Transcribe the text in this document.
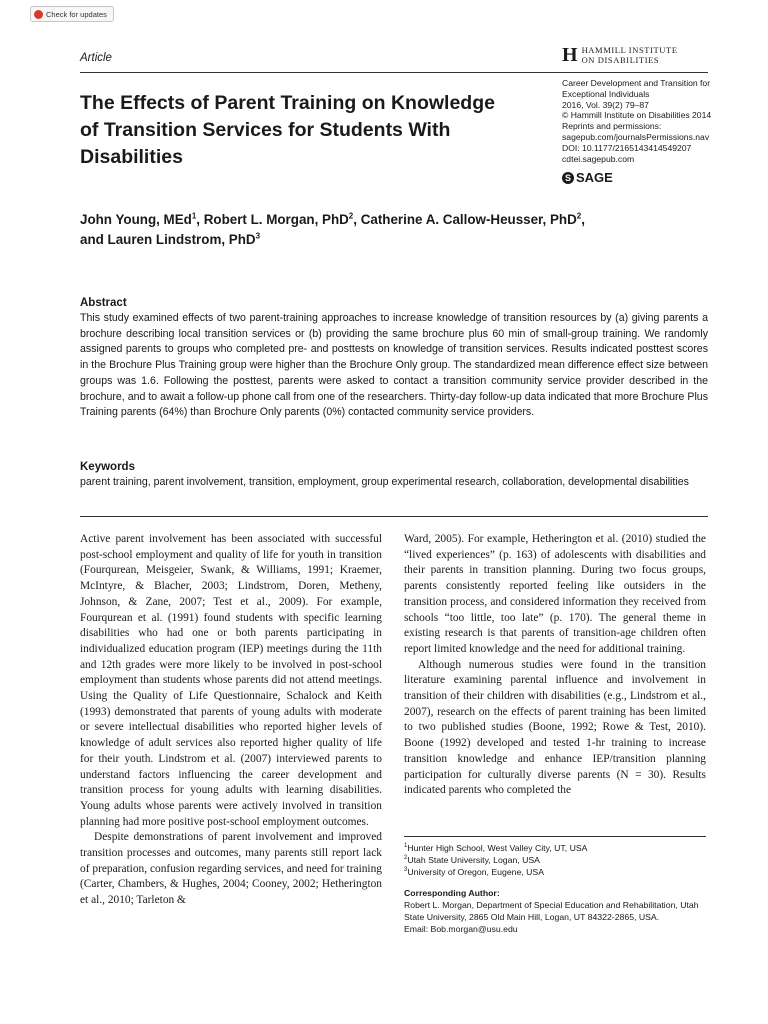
Check for updates
Article	H HAMMILL INSTITUTE
ON DISABILITIES
The Effects of Parent Training on Knowledge of Transition Services for Students With Disabilities
Career Development and Transition for
Exceptional Individuals
2016, Vol. 39(2) 79–87
© Hammill Institute on Disabilities 2014
Reprints and permissions:
sagepub.com/journalsPermissions.nav
DOI: 10.1177/2165143414549207
cdtei.sagepub.com
S SAGE
John Young, MEd$^1$, Robert L. Morgan, PhD$^2$, Catherine A. Callow-Heusser, PhD$^2$,
and Lauren Lindstrom, PhD$^3$
Abstract

This study examined effects of two parent-training approaches to increase knowledge of transition resources by (a) giving parents a brochure describing local transition services or (b) providing the same brochure plus 60 min of small-group training. We randomly assigned parents to groups who completed pre- and posttests on knowledge of transition services. Results indicated posttest scores in the Brochure Plus Training group were higher than the Brochure Only group. The standardized mean difference effect size between groups was 1.6. Following the posttest, parents were asked to contact a transition community service provider described in the brochure, and to await a follow-up phone call from one of the researchers. Thirty-day follow-up data indicated that more Brochure Plus Training parents (64%) than Brochure Only parents (0%) contacted community service providers.

Keywords

parent training, parent involvement, transition, employment, group experimental research, collaboration, developmental disabilities

Active parent involvement has been associated with successful post-school employment and quality of life for youth in transition (Fourqurean, Meisgeier, Swank, & Williams, 1991; Kraemer, McIntyre, & Blacher, 2003; Lindstrom, Doren, Metheny, Johnson, & Zane, 2007; Test et al., 2009). For example, Fourqurean et al. (1991) found students with specific learning disabilities who had one or both parents participating in individualized education program (IEP) meetings during the 11th and 12th grades were more likely to be involved in post-school employment than students whose parents did not attend meetings. Using the Quality of Life Questionnaire, Schalock and Keith (1993) demonstrated that parents of young adults with moderate or severe intellectual disabilities who reported higher levels of knowledge of adult services also reported higher quality of life for their youth. Lindstrom et al. (2007) interviewed parents to understand factors influencing the career development and transition process for young adults with learning disabilities. Young adults whose parents were actively involved in transition planning had more positive post-school employment outcomes.

Despite demonstrations of parent involvement and improved transition processes and outcomes, many parents still report lack of preparation, confusion regarding services, and need for training (Carter, Chambers, & Hughes, 2004; Cooney, 2002; Hetherington et al., 2010; Tarleton &

Ward, 2005). For example, Hetherington et al. (2010) studied the “lived experiences” (p. 163) of adolescents with disabilities and their parents in transition planning. During two focus groups, parents consistently reported feeling like outsiders in the transition process, and considered information they received from schools “too little, too late” (p. 170). The general theme in existing research is that parents of transition-age children often report limited knowledge and the need for additional training.

Although numerous studies were found in the transition literature examining parental influence and involvement in transition of their children with disabilities (e.g., Lindstrom et al., 2007), research on the effects of parent training has been limited to two published studies (Boone, 1992; Rowe & Test, 2010). Boone (1992) developed and tested 1-hr training to increase transition knowledge and enhance IEP/transition planning participation for culturally diverse parents (N = 30). Results indicated parents who completed the

$^1$Hunter High School, West Valley City, UT, USA
$^2$Utah State University, Logan, USA
$^3$University of Oregon, Eugene, USA
Corresponding Author:
Robert L. Morgan, Department of Special Education and Rehabilitation, Utah State University, 2865 Old Main Hill, Logan, UT 84322-2865, USA.
Email: Bob.morgan@usu.edu
